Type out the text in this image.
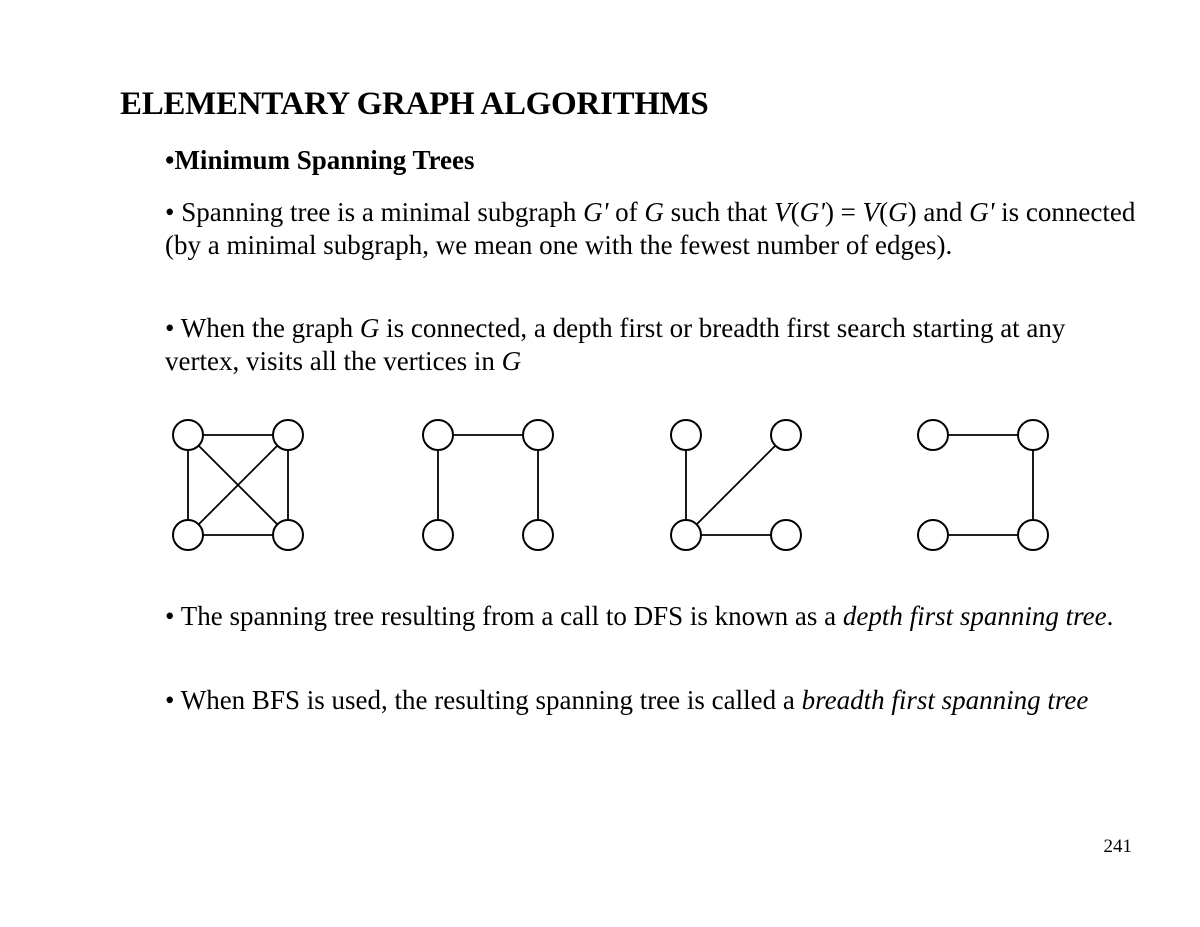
ELEMENTARY GRAPH ALGORITHMS
•Minimum Spanning Trees
• Spanning tree is a minimal subgraph G' of G such that V(G') = V(G) and G' is connected (by a minimal subgraph, we mean one with the fewest number of edges).
• When the graph G is connected, a depth first or breadth first search starting at any vertex, visits all the vertices in G
• The spanning tree resulting from a call to DFS is known as a depth first spanning tree.
• When BFS is used, the resulting spanning tree is called a breadth first spanning tree
241
